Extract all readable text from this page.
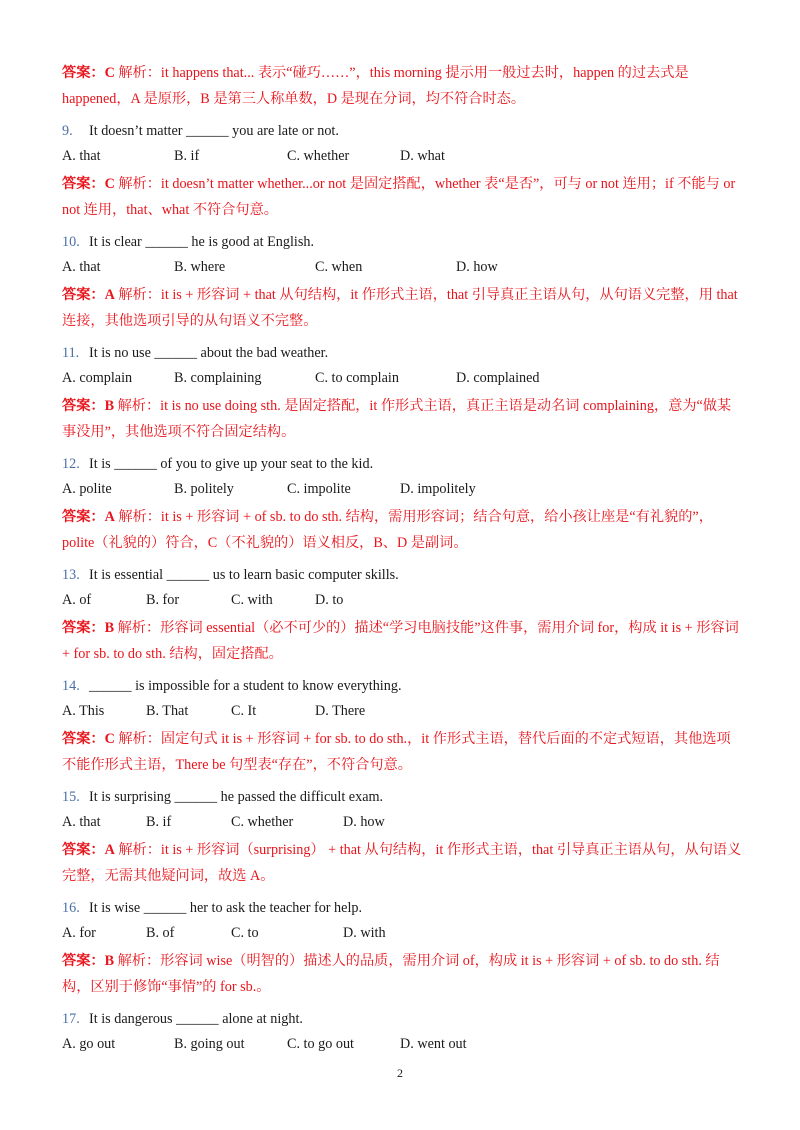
答案：C 解析：it happens that... 表示“碰巧……”，this morning 提示用一般过去时，happen 的过去式是 happened，A 是原形，B 是第三人称单数，D 是现在分词，均不符合时态。

9. It doesn’t matter ______ you are late or not.
A. that	B. if	C. whether	D. what

答案：C 解析：it doesn’t matter whether...or not 是固定搭配，whether 表“是否”，可与 or not 连用；if 不能与 or not 连用，that、what 不符合句意。

10. It is clear ______ he is good at English.
A. that	B. where	C. when	D. how

答案：A 解析：it is + 形容词 + that 从句结构，it 作形式主语，that 引导真正主语从句，从句语义完整，用 that 连接，其他选项引导的从句语义不完整。

11. It is no use ______ about the bad weather.
A. complain	B. complaining	C. to complain	D. complained

答案：B 解析：it is no use doing sth. 是固定搭配，it 作形式主语，真正主语是动名词 complaining，意为“做某事没用”，其他选项不符合固定结构。

12. It is ______ of you to give up your seat to the kid.
A. polite	B. politely	C. impolite	D. impolitely

答案：A 解析：it is + 形容词 + of sb. to do sth. 结构，需用形容词；结合句意，给小孩让座是“有礼貌的”，polite（礼貌的）符合，C（不礼貌的）语义相反，B、D 是副词。

13. It is essential ______ us to learn basic computer skills.
A. of	B. for	C. with	D. to

答案：B 解析：形容词 essential（必不可少的）描述“学习电脑技能”这件事，需用介词 for，构成 it is + 形容词 + for sb. to do sth. 结构，固定搭配。

14. ______ is impossible for a student to know everything.
A. This	B. That	C. It	D. There

答案：C 解析：固定句式 it is + 形容词 + for sb. to do sth.，it 作形式主语，替代后面的不定式短语，其他选项不能作形式主语，There be 句型表“存在”，不符合句意。

15. It is surprising ______ he passed the difficult exam.
A. that	B. if	C. whether	D. how

答案：A 解析：it is + 形容词（surprising） + that 从句结构，it 作形式主语，that 引导真正主语从句，从句语义完整，无需其他疑问词，故选 A。

16. It is wise ______ her to ask the teacher for help.
A. for	B. of	C. to	D. with

答案：B 解析：形容词 wise（明智的）描述人的品质，需用介词 of，构成 it is + 形容词 + of sb. to do sth. 结构，区别于修饰“事情”的 for sb.。

17. It is dangerous ______ alone at night.
A. go out	B. going out	C. to go out	D. went out
2
